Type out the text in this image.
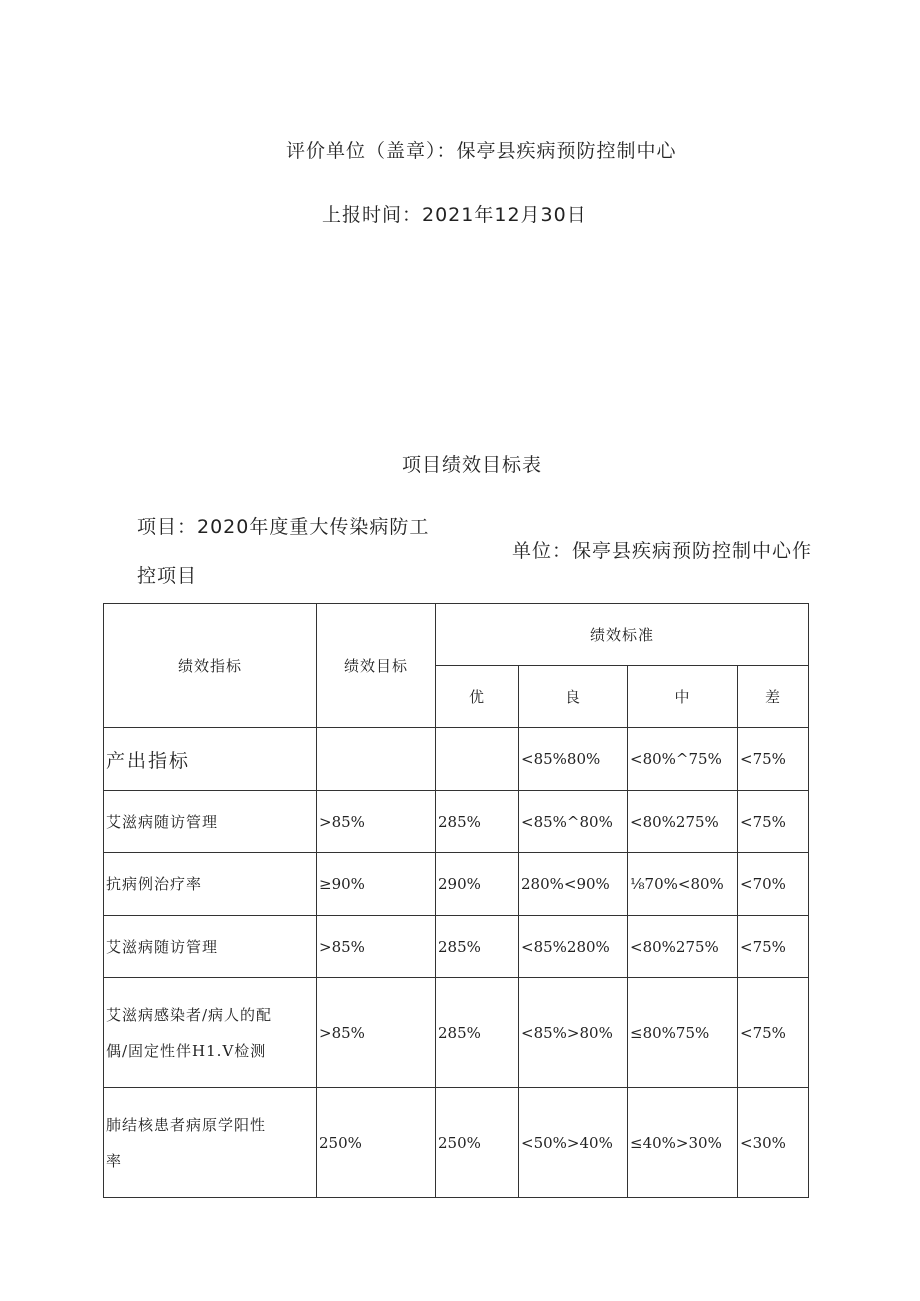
评价单位（盖章）：保亭县疾病预防控制中心
上报时间：2021年12月30日
项目绩效目标表
项目：2020年度重大传染病防工
控项目
单位：保亭县疾病预防控制中心作
绩效指标	绩效目标	绩效标准			
		优	良	中	差
产出指标			<85%80%	<80%^75%	<75%
艾滋病随访管理	>85%	285%	<85%^80%	<80%275%	<75%
抗病例治疗率	≥90%	290%	280%<90%	⅛70%<80%	<70%
艾滋病随访管理	>85%	285%	<85%280%	<80%275%	<75%

艾滋病感染者/病人的配
偶/固定性伴H1.V检测	>85%	285%	<85%>80%	≤80%75%	<75%

肺结核患者病原学阳性
率	250%	250%	<50%>40%	≤40%>30%	<30%
